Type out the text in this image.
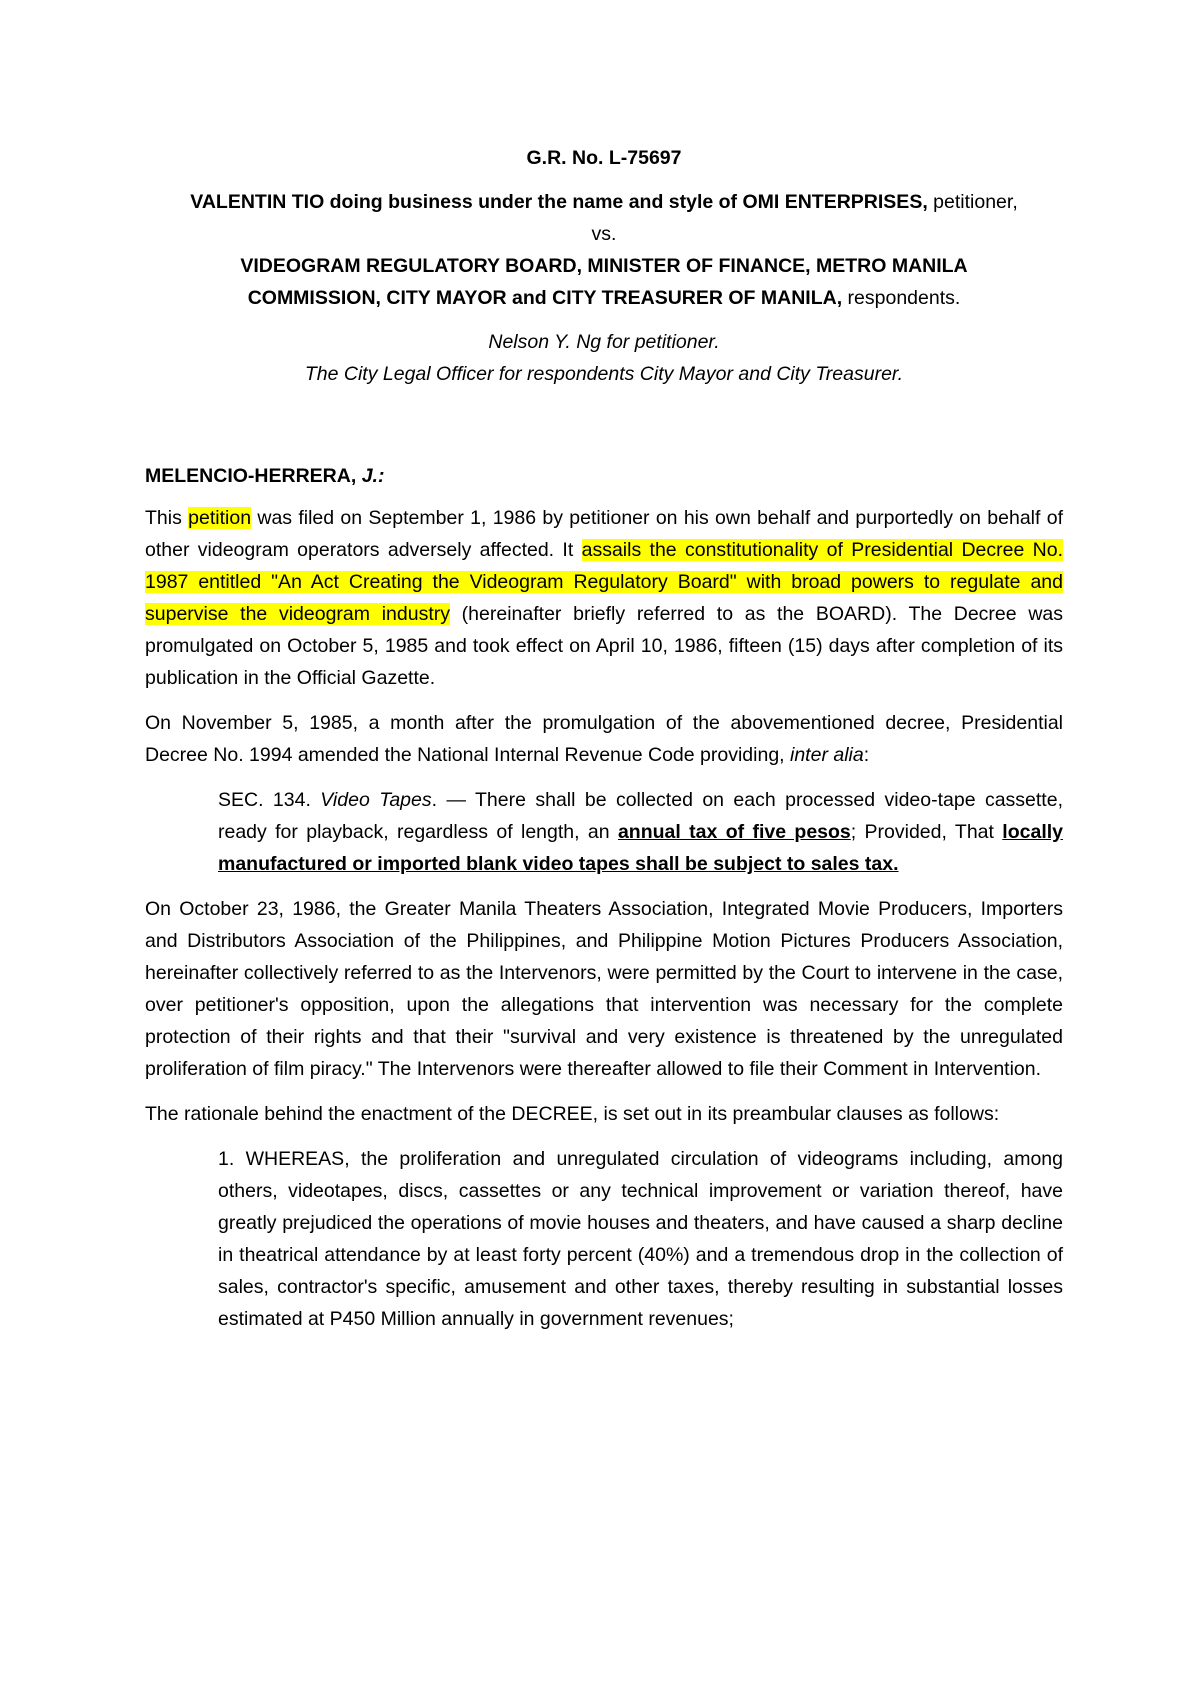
G.R. No. L-75697

VALENTIN TIO doing business under the name and style of OMI ENTERPRISES, petitioner,
vs.
VIDEOGRAM REGULATORY BOARD, MINISTER OF FINANCE, METRO MANILA COMMISSION, CITY MAYOR and CITY TREASURER OF MANILA, respondents.
Nelson Y. Ng for petitioner.
The City Legal Officer for respondents City Mayor and City Treasurer.

MELENCIO-HERRERA, J.:

This petition was filed on September 1, 1986 by petitioner on his own behalf and purportedly on behalf of other videogram operators adversely affected. It assails the constitutionality of Presidential Decree No. 1987 entitled "An Act Creating the Videogram Regulatory Board" with broad powers to regulate and supervise the videogram industry (hereinafter briefly referred to as the BOARD). The Decree was promulgated on October 5, 1985 and took effect on April 10, 1986, fifteen (15) days after completion of its publication in the Official Gazette.

On November 5, 1985, a month after the promulgation of the abovementioned decree, Presidential Decree No. 1994 amended the National Internal Revenue Code providing, inter alia:

SEC. 134. Video Tapes. — There shall be collected on each processed video-tape cassette, ready for playback, regardless of length, an annual tax of five pesos; Provided, That locally manufactured or imported blank video tapes shall be subject to sales tax.

On October 23, 1986, the Greater Manila Theaters Association, Integrated Movie Producers, Importers and Distributors Association of the Philippines, and Philippine Motion Pictures Producers Association, hereinafter collectively referred to as the Intervenors, were permitted by the Court to intervene in the case, over petitioner's opposition, upon the allegations that intervention was necessary for the complete protection of their rights and that their "survival and very existence is threatened by the unregulated proliferation of film piracy." The Intervenors were thereafter allowed to file their Comment in Intervention.

The rationale behind the enactment of the DECREE, is set out in its preambular clauses as follows:

1. WHEREAS, the proliferation and unregulated circulation of videograms including, among others, videotapes, discs, cassettes or any technical improvement or variation thereof, have greatly prejudiced the operations of movie houses and theaters, and have caused a sharp decline in theatrical attendance by at least forty percent (40%) and a tremendous drop in the collection of sales, contractor's specific, amusement and other taxes, thereby resulting in substantial losses estimated at P450 Million annually in government revenues;
